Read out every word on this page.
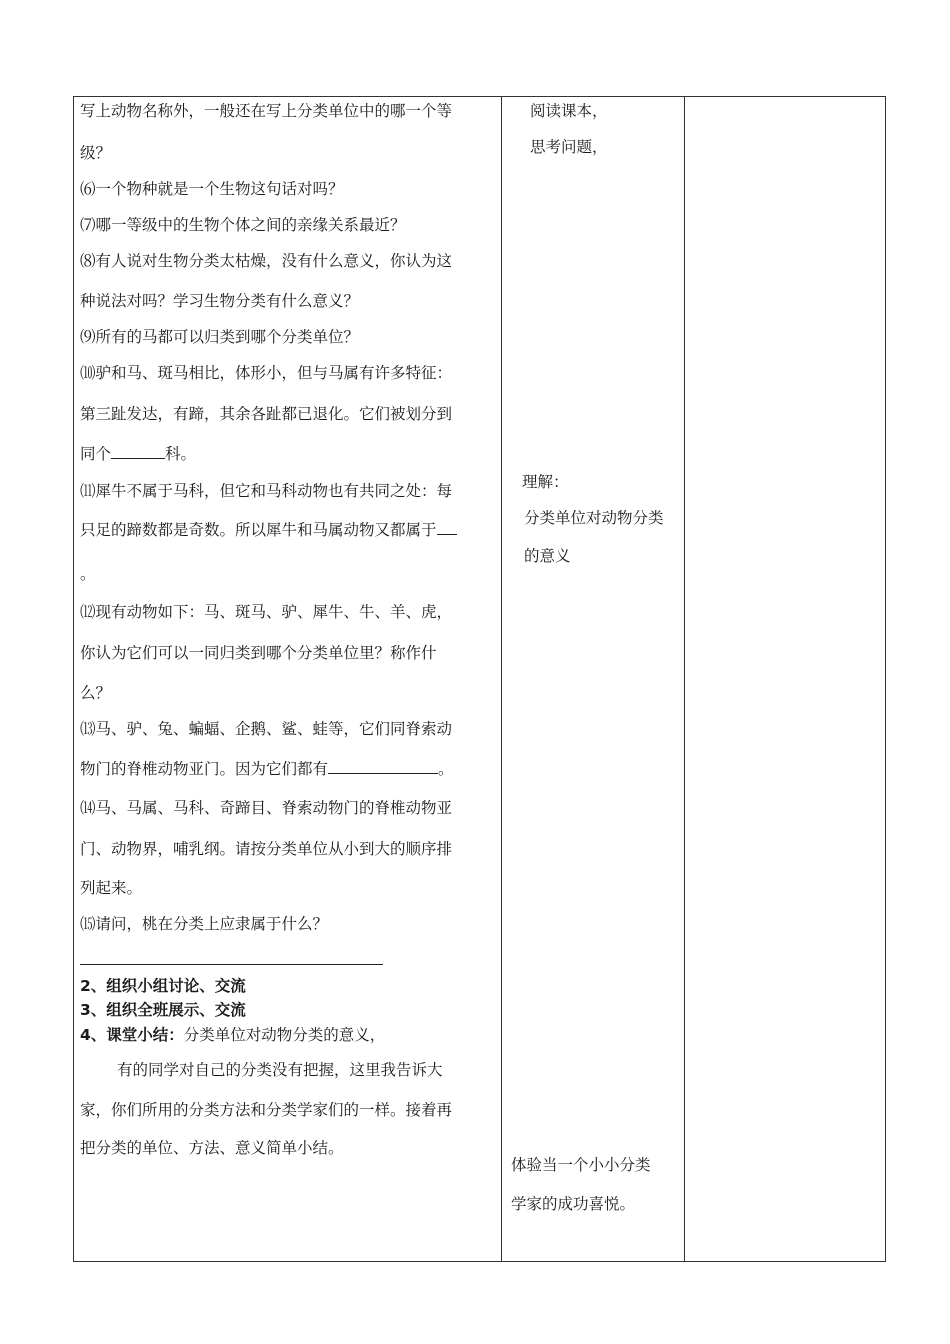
写上动物名称外，一般还在写上分类单位中的哪一个等
级？
⑹一个物种就是一个生物这句话对吗？
⑺哪一等级中的生物个体之间的亲缘关系最近？
⑻有人说对生物分类太枯燥，没有什么意义，你认为这
种说法对吗？学习生物分类有什么意义？
⑼所有的马都可以归类到哪个分类单位？
⑽驴和马、斑马相比，体形小，但与马属有许多特征：
第三趾发达，有蹄，其余各趾都已退化。它们被划分到
同个	科。
⑾犀牛不属于马科，但它和马科动物也有共同之处：每
只足的蹄数都是奇数。所以犀牛和马属动物又都属于
。
⑿现有动物如下：马、斑马、驴、犀牛、牛、羊、虎，
你认为它们可以一同归类到哪个分类单位里？称作什
么？
⒀马、驴、兔、蝙蝠、企鹅、鲨、蛙等，它们同脊索动
物门的脊椎动物亚门。因为它们都有	。
⒁马、马属、马科、奇蹄目、脊索动物门的脊椎动物亚
门、动物界，哺乳纲。请按分类单位从小到大的顺序排
列起来。
⒂请问，桃在分类上应隶属于什么？
2、组织小组讨论、交流
3、组织全班展示、交流
4、课堂小结：分类单位对动物分类的意义，
有的同学对自己的分类没有把握，这里我告诉大
家，你们所用的分类方法和分类学家们的一样。接着再
把分类的单位、方法、意义简单小结。
阅读课本，
思考问题，
理解：
分类单位对动物分类
的意义
体验当一个小小分类
学家的成功喜悦。
